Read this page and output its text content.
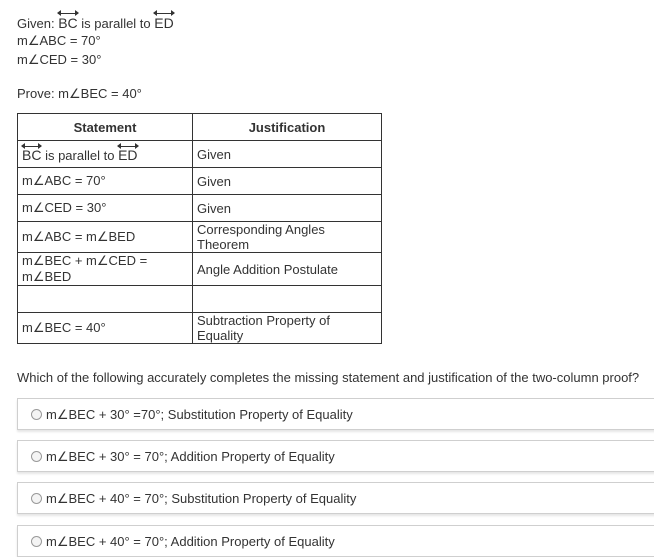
Given: BC is parallel to ED
m∠ABC = 70°
m∠CED = 30°
Prove: m∠BEC = 40°
Statement	Justification

BC is parallel to ED	Given
m∠ABC = 70°	Given
m∠CED = 30°	Given
m∠ABC = m∠BED	Corresponding Angles Theorem
m∠BEC + m∠CED = m∠BED	Angle Addition Postulate

m∠BEC = 40°	Subtraction Property of Equality
Which of the following accurately completes the missing statement and justification of the two-column proof?
m∠BEC + 30° =70°; Substitution Property of Equality
m∠BEC + 30° = 70°; Addition Property of Equality
m∠BEC + 40° = 70°; Substitution Property of Equality
m∠BEC + 40° = 70°; Addition Property of Equality
